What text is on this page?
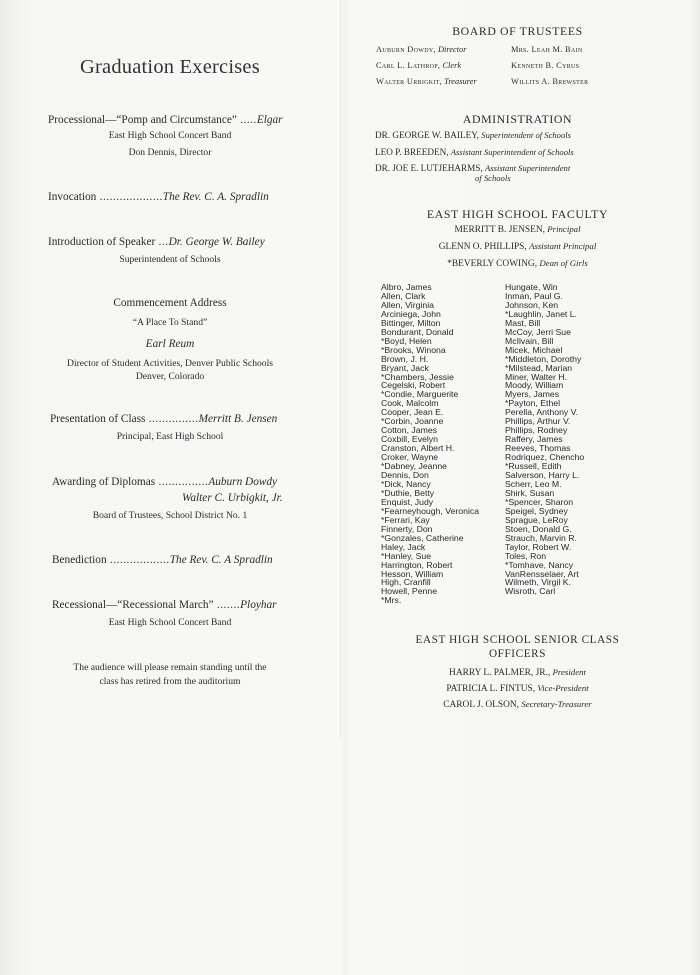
Graduation Exercises
Processional—“Pomp and Circumstance” .....Elgar
East High School Concert Band
Don Dennis, Director
Invocation ...................The Rev. C. A. Spradlin
Introduction of Speaker ...Dr. George W. Bailey
Superintendent of Schools
Commencement Address
“A Place To Stand”
Earl Reum
Director of Student Activities, Denver Public Schools
Denver, Colorado
Presentation of Class ...............Merritt B. Jensen
Principal, East High School
Awarding of Diplomas ...............Auburn Dowdy
Walter C. Urbigkit, Jr.
Board of Trustees, School District No. 1
Benediction ..................The Rev. C. A Spradlin
Recessional—“Recessional March” .......Ployhar
East High School Concert Band
The audience will please remain standing until the
class has retired from the auditorium
BOARD OF TRUSTEES
Auburn Dowdy, Director	Mrs. Leah M. Bain
Carl L. Lathrop, Clerk	Kenneth B. Cyrus
Walter Urbigkit, Treasurer	Willits A. Brewster
ADMINISTRATION
DR. GEORGE W. BAILEY, Superintendent of Schools
LEO P. BREEDEN, Assistant Superintendent of Schools
DR. JOE E. LUTJEHARMS, Assistant Superintendent
of Schools
EAST HIGH SCHOOL FACULTY
MERRITT B. JENSEN, Principal
GLENN O. PHILLIPS, Assistant Principal
*BEVERLY COWING, Dean of Girls
Albro, James
Allen, Clark
Allen, Virginia
Arciniega, John
Bittinger, Milton
Bondurant, Donald
*Boyd, Helen
*Brooks, Winona
Brown, J. H.
Bryant, Jack
*Chambers, Jessie
Cegelski, Robert
*Condie, Marguerite
Cook, Malcolm
Cooper, Jean E.
*Corbin, Joanne
Cotton, James
Coxbill, Evelyn
Cranston, Albert H.
Croker, Wayne
*Dabney, Jeanne
Dennis, Don
*Dick, Nancy
*Duthie, Betty
Enquist, Judy
*Fearneyhough, Veronica
*Ferrari, Kay
Finnerty, Don
*Gonzales, Catherine
Haley, Jack
*Hanley, Sue
Harrington, Robert
Hesson, William
High, Cranfill
Howell, Penne
*Mrs.
Hungate, Win
Inman, Paul G.
Johnson, Ken
*Laughlin, Janet L.
Mast, Bill
McCoy, Jerri Sue
McIlvain, Bill
Micek, Michael
*Middleton, Dorothy
*Milstead, Marian
Miner, Walter H.
Moody, William
Myers, James
*Payton, Ethel
Perella, Anthony V.
Phillips, Arthur V.
Phillips, Rodney
Raffery, James
Reeves, Thomas
Rodriquez, Chencho
*Russell, Edith
Salverson, Harry L.
Scherr, Leo M.
Shirk, Susan
*Spencer, Sharon
Speigel, Sydney
Sprague, LeRoy
Stoen, Donald G.
Strauch, Marvin R.
Taylor, Robert W.
Toles, Ron
*Tomhave, Nancy
VanRensselaer, Art
Wilmeth, Virgil K.
Wisroth, Carl
EAST HIGH SCHOOL SENIOR CLASS
OFFICERS
HARRY L. PALMER, JR., President
PATRICIA L. FINTUS, Vice-President
CAROL J. OLSON, Secretary-Treasurer
